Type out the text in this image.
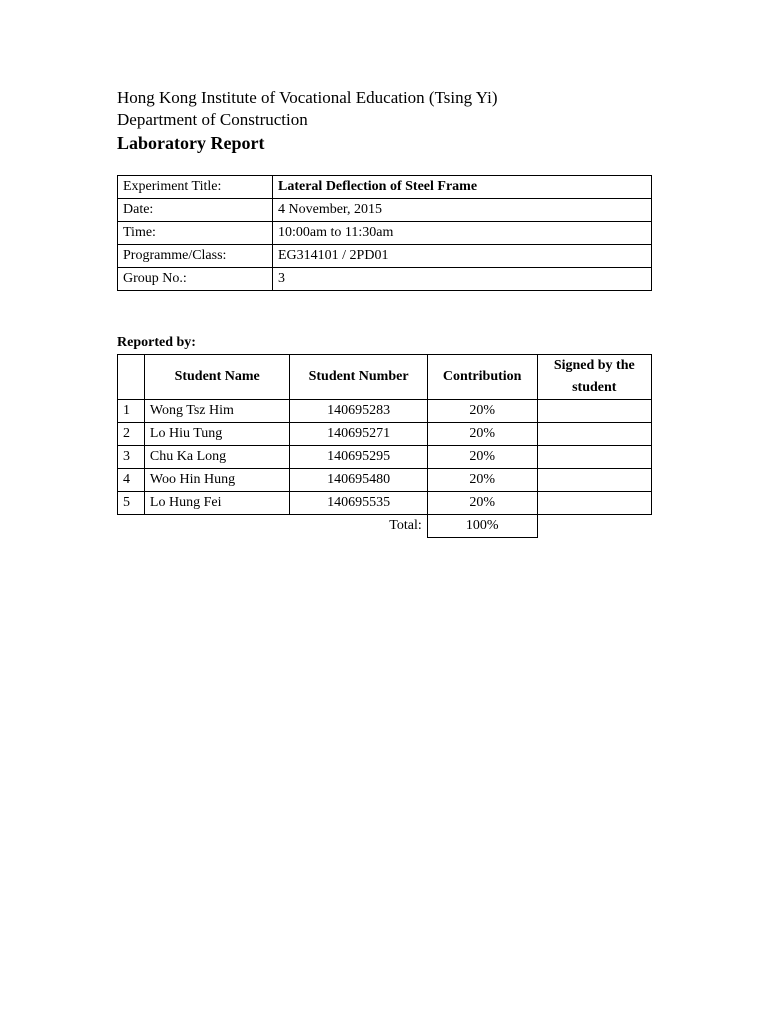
Hong Kong Institute of Vocational Education (Tsing Yi)
Department of Construction
Laboratory Report
Experiment Title:	Lateral Deflection of Steel Frame
Date:	4 November, 2015
Time:	10:00am to 11:30am
Programme/Class:	EG314101 / 2PD01
Group No.:	3
Reported by:
	Student Name	Student Number	Contribution	Signed by the student
1	Wong Tsz Him	140695283	20%	
2	Lo Hiu Tung	140695271	20%	
3	Chu Ka Long	140695295	20%	
4	Woo Hin Hung	140695480	20%	
5	Lo Hung Fei	140695535	20%	
	Total:		100%	
